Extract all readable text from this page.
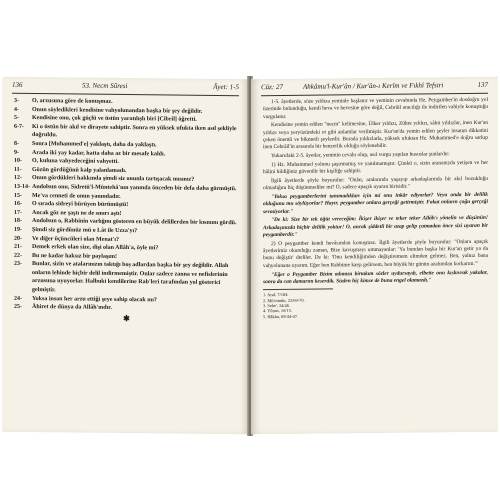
136	53. Necm Sûresi	Âyet: 1-5

3- O, arzusuna göre de konuşmaz.

4- Onun söyledikleri kendisine vahyolunandan başka bir şey değildir.

5- Kendisine onu, çok güçlü ve üstün yaratılışlı biri [Cibril] öğretti.

6-7- Ki o üstün bir akıl ve dirayete sahiptir. Sonra en yüksek ufukta iken asıl şekliyle doğruldu.

8- Sonra [Muhammed'e] yaklaştı, daha da yaklaştı.

9- Arada iki yay kadar, hatta daha az bir mesafe kaldı.

10- O, kuluna vahyedeceğini vahyetti.

11- Gözün gördüğünü kalp yalanlamadı.

12- Onun gördükleri hakkında şimdi siz onunla tartışacak mısınız?

13-14- Andolsun onu, Sidretü'l-Müntehâ'nın yanında önceden bir defa daha görmüştü.

15- Me'va cenneti de onun yanındadır.

16- O sırada sidreyi bürüyen bürümüştü!

17- Ancak göz ne şaştı ne de sınırı aştı!

18- Andolsun o, Rabbinin varlığını gösteren en büyük delillerden bir kısmını gördü.

19- Şimdi siz gördünüz mü o Lât ile Uzza'yı?

20- Ve diğer üçüncüleri olan Menat'ı?

21- Demek erkek olan size, dişi olan Allâh'a, öyle mi?

22- Bu ne kadar haksız bir paylaşım!

23- Bunlar, sizin ve atalarınızın taktığı boş adlardan başka bir şey değildir. Allah onların lehinde hiçbir delil indirmemiştir. Onlar sadece zanna ve nefislerinin arzusuna uyuyorlar. Halbuki kendilerine Rab'leri tarafından yol gösterici gelmiştir.

24- Yoksa insan her arzu ettiği şeye sahip olacak mı?

25- Âhiret de dünya da Allâh'ındır.

✱
Cüz: 27	Ahkâmu'l-Kur'ân / Kur'ân-ı Kerîm ve Fıkhî Tefsiri	137

1-5. âyetlerde, söze yıldıza yeminle başlanır ve yeminin cevabında Hz. Peygamber'in dosdoğru yol üzerinde bulunduğu, kendi heva ve hevesine göre değil, Cebrâil aracılığı ile indirilen vahiyle konuştuğu vurgulanır.

Kendisine yemin edilen "necm" kelimesine, Ülker yıldızı, Zühre yıldızı, sâbit yıldızlar, inen Kur'an yıldızı veya yeryüzündeki ot gibi anlamlar verilmiştir. Kur'an'da yemin edilen şeyler insanın dikkatini çeken önemli ve hikmetli şeylerdir. Burada yıldızlarla, yüksek ufuktan Hz. Muhammed'e doğru sarkıp inen Cebrâil'in arasında bir benzerlik olduğu söylenebilir.

Yukarıdaki 2-5. âyetler, yeminin cevabı olup, asıl vurgu yapılan hususlar şunlardır:

1) Hz. Muhammed yolunu şaşırmamış ve yanılmamıştır. Çünkü o, sizin arananızda yetişen ve her hâlini bildiğiniz güvenilir bir kişiliğe sahiptir.

İlgili âyetlerde şöyle buyurulur: "Onlar, aralarında yaşayıp arkadaşlarında bir akıl bozukluğu olmadığını hiç düşünmediler mi? O, sadece apaçık uyaran birisidir."

"Yoksa peygamberlerini tanımadıkları için mi onu inkâr ediyorlar? Veya onda bir delilik olduğunu mu söylüyorlar? Hayır, peygamber onlara gerçeği getirmiştir. Fakat onların çoğu gerçeği sevmiyorlar."

"De ki: Size bir tek öğüt vereceğim: İkişer ikişer ve teker teker Allâh'ı yönelin ve düşünün! Arkadaşınızda hiçbir delilik yoktur! O, ancak şiddetli bir azap gelip çatmadan önce sizi uyaran bir peygamberdir."

2) O peygamber kendi hevâsından konuşmaz. İlgili âyetlerde şöyle buyurulur: "Onlara apaçık âyetlerimiz okunduğu zaman, Bize kavuşmayı ummayanlar: 'Ya bundan başka bir Kur'an getir ya da bunu değiştir' dediler. De ki: 'Onu kendiliğimden değiştiremem elimden gelmez. Ben, yalnız bana vahyolunana uyarım. Eğer ben Rabbime karşı gelirsem, ben büyük bir günün azabından korkarım.'"

"Eğer o Peygamber Bizim adımıza birtakım sözler uydursaydı, elbette onu kıskıvrak yakalar, sonra da can damarını keserdik. Sizden hiç kimse de buna engel olamazdı."

1. Araf, 7/184.
2. Mü'minûn, 23/69-70.
3. Sebe', 34/46.
4. Yûnus, 10/15.
5. Hâkka, 69/44-47.
